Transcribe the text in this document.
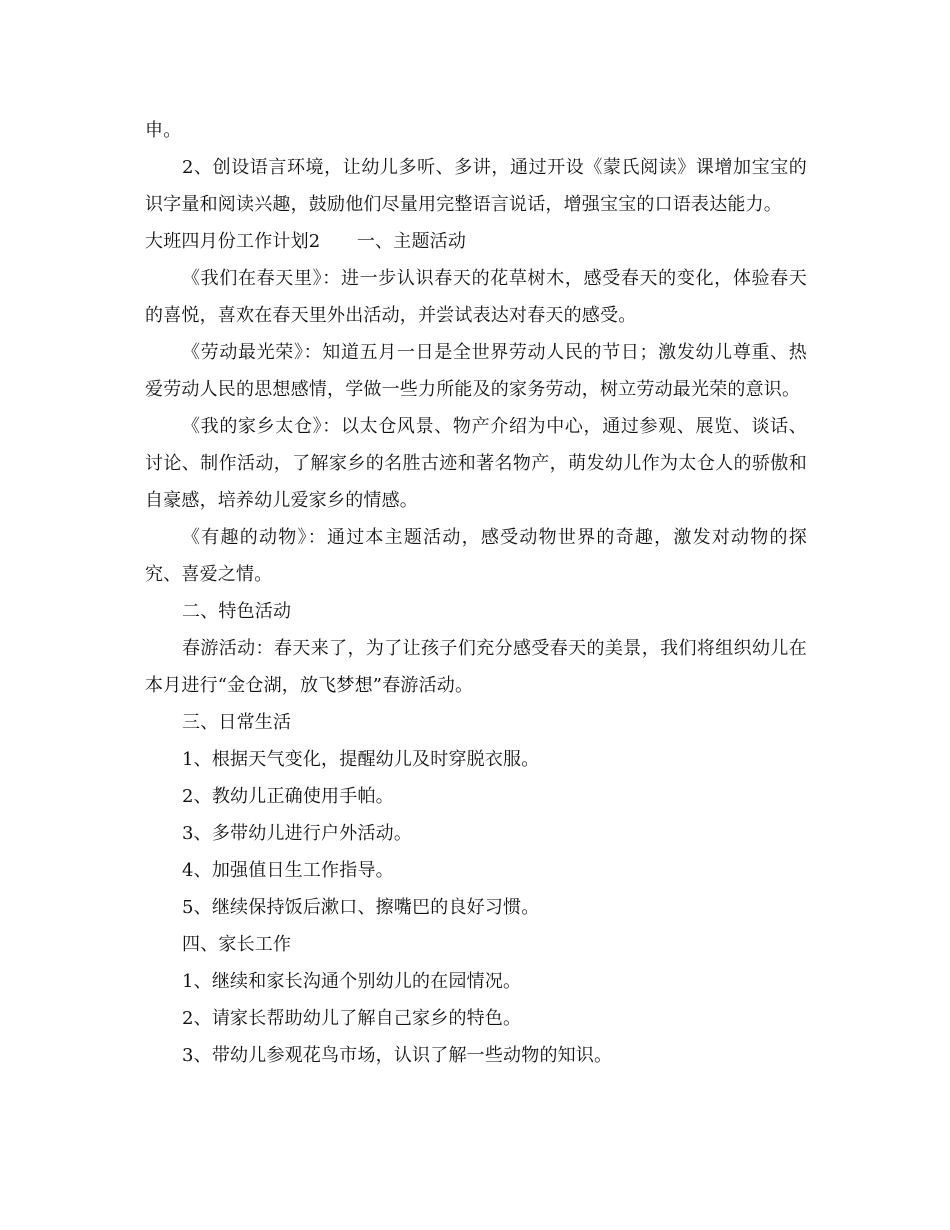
申。

2、创设语言环境，让幼儿多听、多讲，通过开设《蒙氏阅读》课增加宝宝的识字量和阅读兴趣，鼓励他们尽量用完整语言说话，增强宝宝的口语表达能力。

大班四月份工作计划2　　一、主题活动

《我们在春天里》：进一步认识春天的花草树木，感受春天的变化，体验春天的喜悦，喜欢在春天里外出活动，并尝试表达对春天的感受。

《劳动最光荣》：知道五月一日是全世界劳动人民的节日；激发幼儿尊重、热爱劳动人民的思想感情，学做一些力所能及的家务劳动，树立劳动最光荣的意识。

《我的家乡太仓》：以太仓风景、物产介绍为中心，通过参观、展览、谈话、讨论、制作活动，了解家乡的名胜古迹和著名物产，萌发幼儿作为太仓人的骄傲和自豪感，培养幼儿爱家乡的情感。

《有趣的动物》：通过本主题活动，感受动物世界的奇趣，激发对动物的探究、喜爱之情。

二、特色活动

春游活动：春天来了，为了让孩子们充分感受春天的美景，我们将组织幼儿在本月进行“金仓湖，放飞梦想”春游活动。

三、日常生活

1、根据天气变化，提醒幼儿及时穿脱衣服。

2、教幼儿正确使用手帕。

3、多带幼儿进行户外活动。

4、加强值日生工作指导。

5、继续保持饭后漱口、擦嘴巴的良好习惯。

四、家长工作

1、继续和家长沟通个别幼儿的在园情况。

2、请家长帮助幼儿了解自己家乡的特色。

3、带幼儿参观花鸟市场，认识了解一些动物的知识。
